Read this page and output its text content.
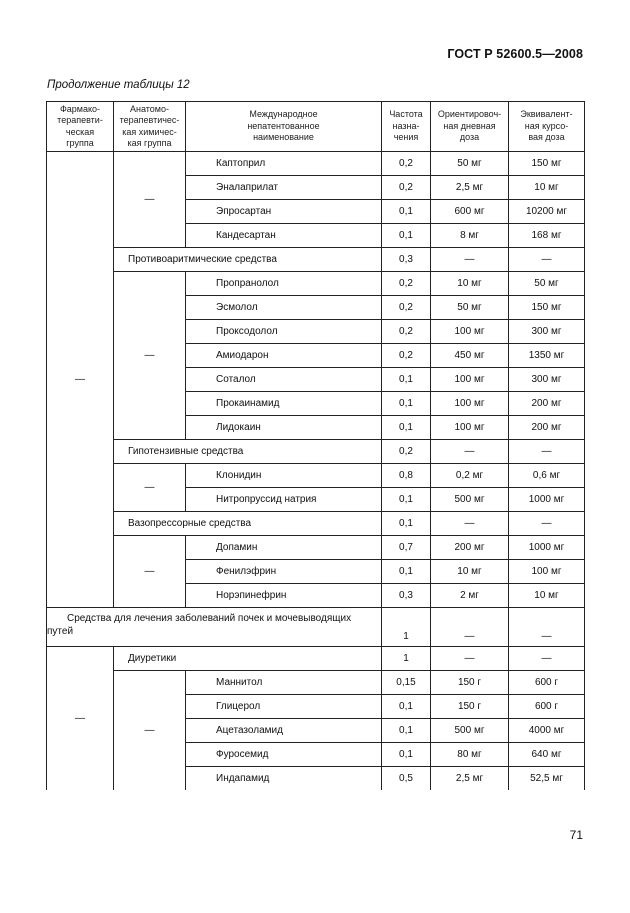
ГОСТ Р 52600.5—2008
Продолжение таблицы 12
Фармако-
терапевти-
ческая
группа	Анатомо-
терапевтичес-
кая химичес-
кая группа	Международное
непатентованное
наименование	Частота
назна-
чения	Ориентировоч-
ная дневная
доза	Эквивалент-
ная курсо-
вая доза
—	—	Каптоприл	0,2	50 мг	150 мг
		Эналаприлат	0,2	2,5 мг	10 мг
		Эпросартан	0,1	600 мг	10200 мг
		Кандесартан	0,1	8 мг	168 мг
	Противоаритмические средства		0,3	—	—
	—	Пропранолол	0,2	10 мг	50 мг
		Эсмолол	0,2	50 мг	150 мг
		Проксодолол	0,2	100 мг	300 мг
		Амиодарон	0,2	450 мг	1350 мг
		Соталол	0,1	100 мг	300 мг
		Прокаинамид	0,1	100 мг	200 мг
		Лидокаин	0,1	100 мг	200 мг
	Гипотензивные средства		0,2	—	—
	—	Клонидин	0,8	0,2 мг	0,6 мг
		Нитропруссид натрия	0,1	500 мг	1000 мг
	Вазопрессорные средства		0,1	—	—
	—	Допамин	0,7	200 мг	1000 мг
		Фенилэфрин	0,1	10 мг	100 мг
		Норэпинефрин	0,3	2 мг	10 мг
Средства для лечения заболеваний почек и мочевыводящих
путей			1	—	—
—	Диуретики		1	—	—
	—	Маннитол	0,15	150 г	600 г
		Глицерол	0,1	150 г	600 г
		Ацетазоламид	0,1	500 мг	4000 мг
		Фуросемид	0,1	80 мг	640 мг
		Индапамид	0,5	2,5 мг	52,5 мг
71
